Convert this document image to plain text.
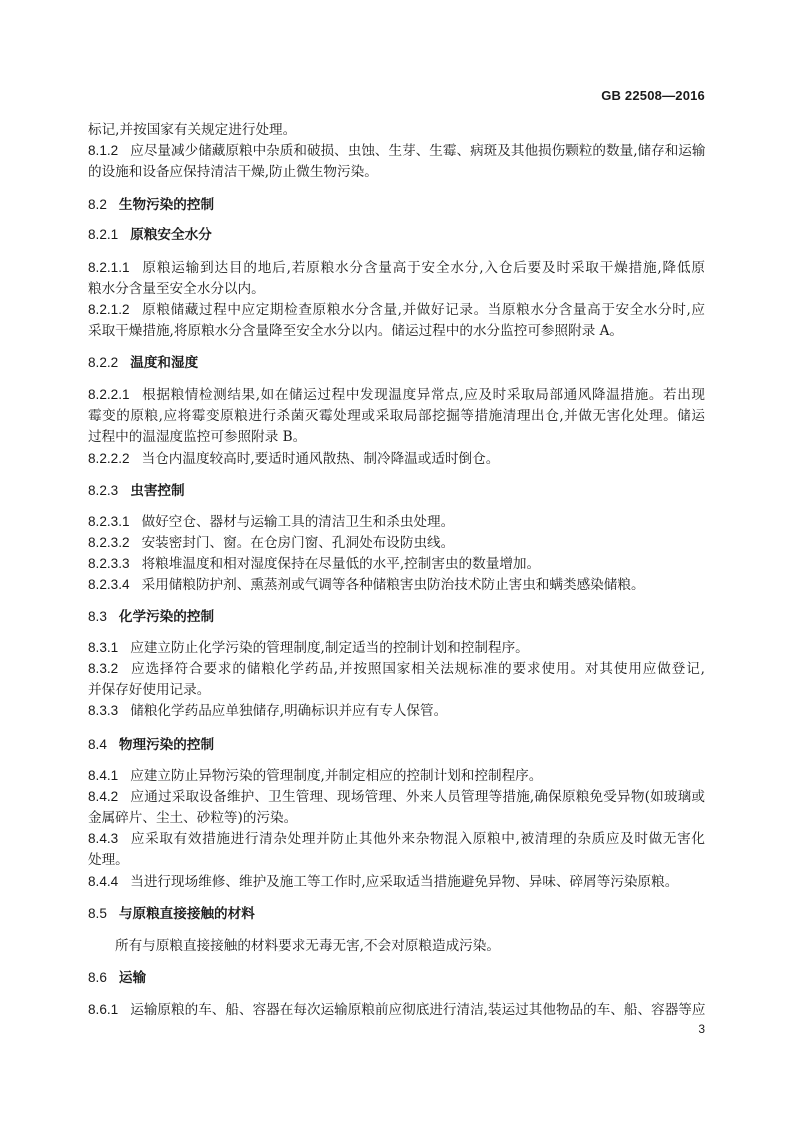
GB 22508—2016
标记,并按国家有关规定进行处理。
8.1.2 应尽量减少储藏原粮中杂质和破损、虫蚀、生芽、生霉、病斑及其他损伤颗粒的数量,储存和运输
的设施和设备应保持清洁干燥,防止微生物污染。
8.2 生物污染的控制
8.2.1 原粮安全水分
8.2.1.1 原粮运输到达目的地后,若原粮水分含量高于安全水分,入仓后要及时采取干燥措施,降低原
粮水分含量至安全水分以内。
8.2.1.2 原粮储藏过程中应定期检查原粮水分含量,并做好记录。当原粮水分含量高于安全水分时,应
采取干燥措施,将原粮水分含量降至安全水分以内。储运过程中的水分监控可参照附录 A。
8.2.2 温度和湿度
8.2.2.1 根据粮情检测结果,如在储运过程中发现温度异常点,应及时采取局部通风降温措施。若出现
霉变的原粮,应将霉变原粮进行杀菌灭霉处理或采取局部挖掘等措施清理出仓,并做无害化处理。储运
过程中的温湿度监控可参照附录 B。
8.2.2.2 当仓内温度较高时,要适时通风散热、制冷降温或适时倒仓。
8.2.3 虫害控制
8.2.3.1 做好空仓、器材与运输工具的清洁卫生和杀虫处理。
8.2.3.2 安装密封门、窗。在仓房门窗、孔洞处布设防虫线。
8.2.3.3 将粮堆温度和相对湿度保持在尽量低的水平,控制害虫的数量增加。
8.2.3.4 采用储粮防护剂、熏蒸剂或气调等各种储粮害虫防治技术防止害虫和螨类感染储粮。
8.3 化学污染的控制
8.3.1 应建立防止化学污染的管理制度,制定适当的控制计划和控制程序。
8.3.2 应选择符合要求的储粮化学药品,并按照国家相关法规标准的要求使用。对其使用应做登记,
并保存好使用记录。
8.3.3 储粮化学药品应单独储存,明确标识并应有专人保管。
8.4 物理污染的控制
8.4.1 应建立防止异物污染的管理制度,并制定相应的控制计划和控制程序。
8.4.2 应通过采取设备维护、卫生管理、现场管理、外来人员管理等措施,确保原粮免受异物(如玻璃或
金属碎片、尘土、砂粒等)的污染。
8.4.3 应采取有效措施进行清杂处理并防止其他外来杂物混入原粮中,被清理的杂质应及时做无害化
处理。
8.4.4 当进行现场维修、维护及施工等工作时,应采取适当措施避免异物、异味、碎屑等污染原粮。
8.5 与原粮直接接触的材料
所有与原粮直接接触的材料要求无毒无害,不会对原粮造成污染。
8.6 运输
8.6.1 运输原粮的车、船、容器在每次运输原粮前应彻底进行清洁,装运过其他物品的车、船、容器等应
3
